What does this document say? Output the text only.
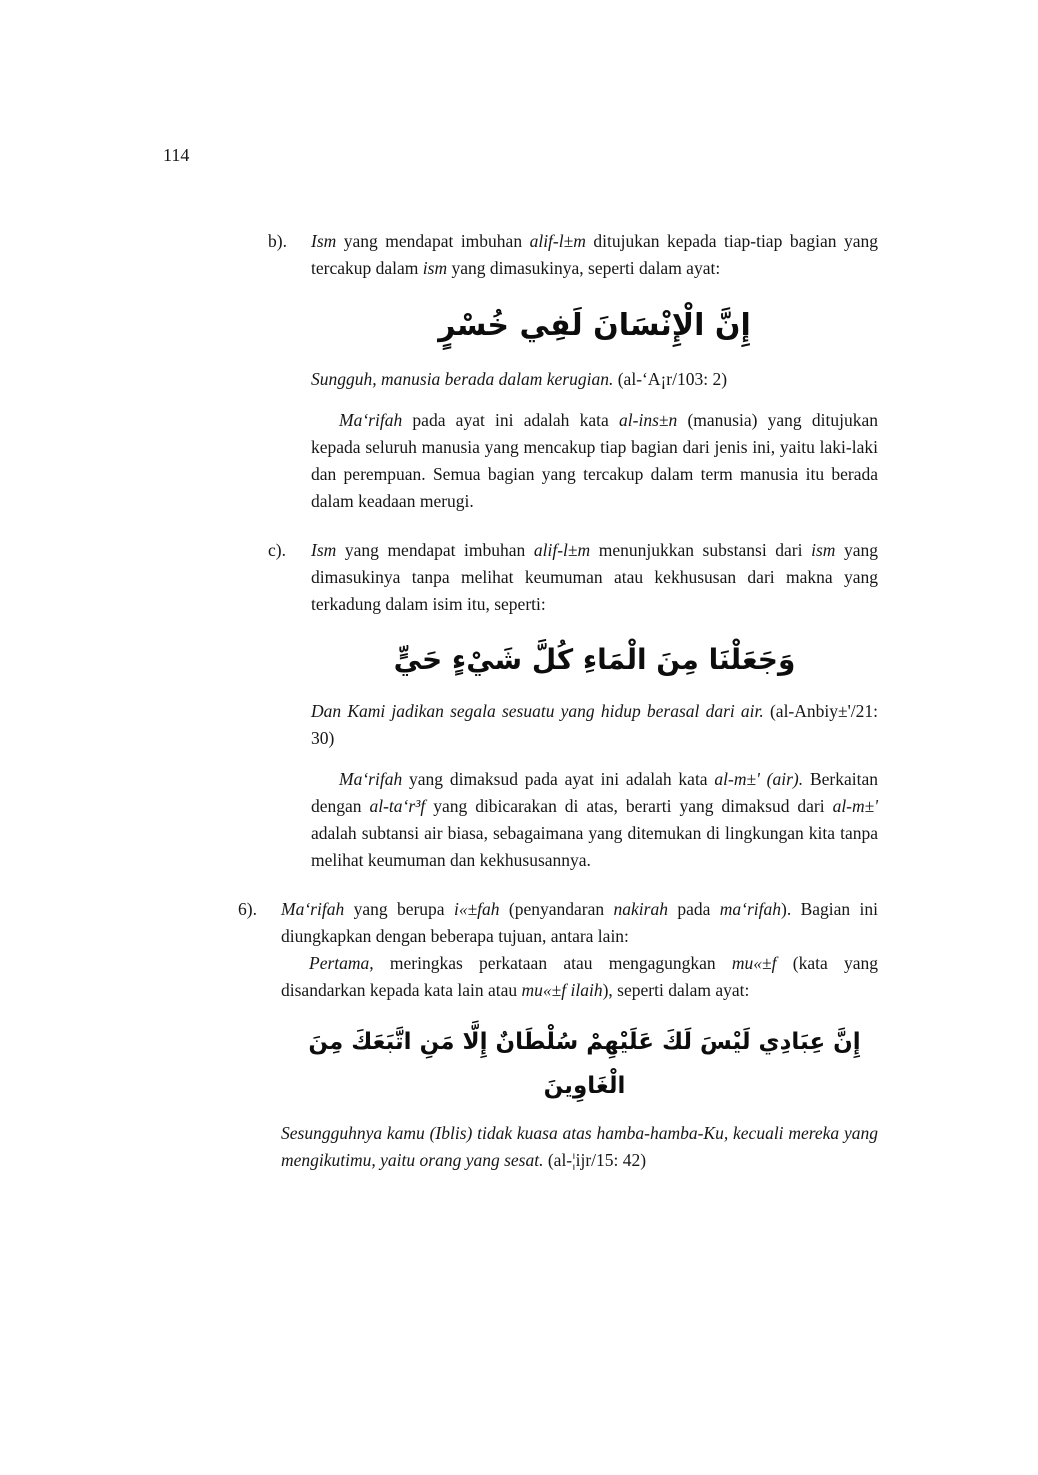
114
b). Ism yang mendapat imbuhan alif-l±m ditujukan kepada tiap-tiap bagian yang tercakup dalam ism yang dimasukinya, seperti dalam ayat:
إِنَّ الْإِنْسَانَ لَفِي خُسْرٍ
Sungguh, manusia berada dalam kerugian. (al-‘A¡r/103: 2)
Ma‘rifah pada ayat ini adalah kata al-ins±n (manusia) yang ditujukan kepada seluruh manusia yang mencakup tiap bagian dari jenis ini, yaitu laki-laki dan perempuan. Semua bagian yang tercakup dalam term manusia itu berada dalam keadaan merugi.
c). Ism yang mendapat imbuhan alif-l±m menunjukkan substansi dari ism yang dimasukinya tanpa melihat keumuman atau kekhususan dari makna yang terkadung dalam isim itu, seperti:
وَجَعَلْنَا مِنَ الْمَاءِ كُلَّ شَيْءٍ حَيٍّ
Dan Kami jadikan segala sesuatu yang hidup berasal dari air. (al-Anbiy±'/21: 30)
Ma‘rifah yang dimaksud pada ayat ini adalah kata al-m±' (air). Berkaitan dengan al-ta‘r³f yang dibicarakan di atas, berarti yang dimaksud dari al-m±' adalah subtansi air biasa, sebagaimana yang ditemukan di lingkungan kita tanpa melihat keumuman dan kekhususannya.
6). Ma‘rifah yang berupa i«±fah (penyandaran nakirah pada ma‘rifah). Bagian ini diungkapkan dengan beberapa tujuan, antara lain:
Pertama, meringkas perkataan atau mengagungkan mu«±f (kata yang disandarkan kepada kata lain atau mu«±f ilaih), seperti dalam ayat:
إِنَّ عِبَادِي لَيْسَ لَكَ عَلَيْهِمْ سُلْطَانٌ إِلَّا مَنِ اتَّبَعَكَ مِنَ الْغَاوِينَ
Sesungguhnya kamu (Iblis) tidak kuasa atas hamba-hamba-Ku, kecuali mereka yang mengikutimu, yaitu orang yang sesat. (al-¦ijr/15: 42)
